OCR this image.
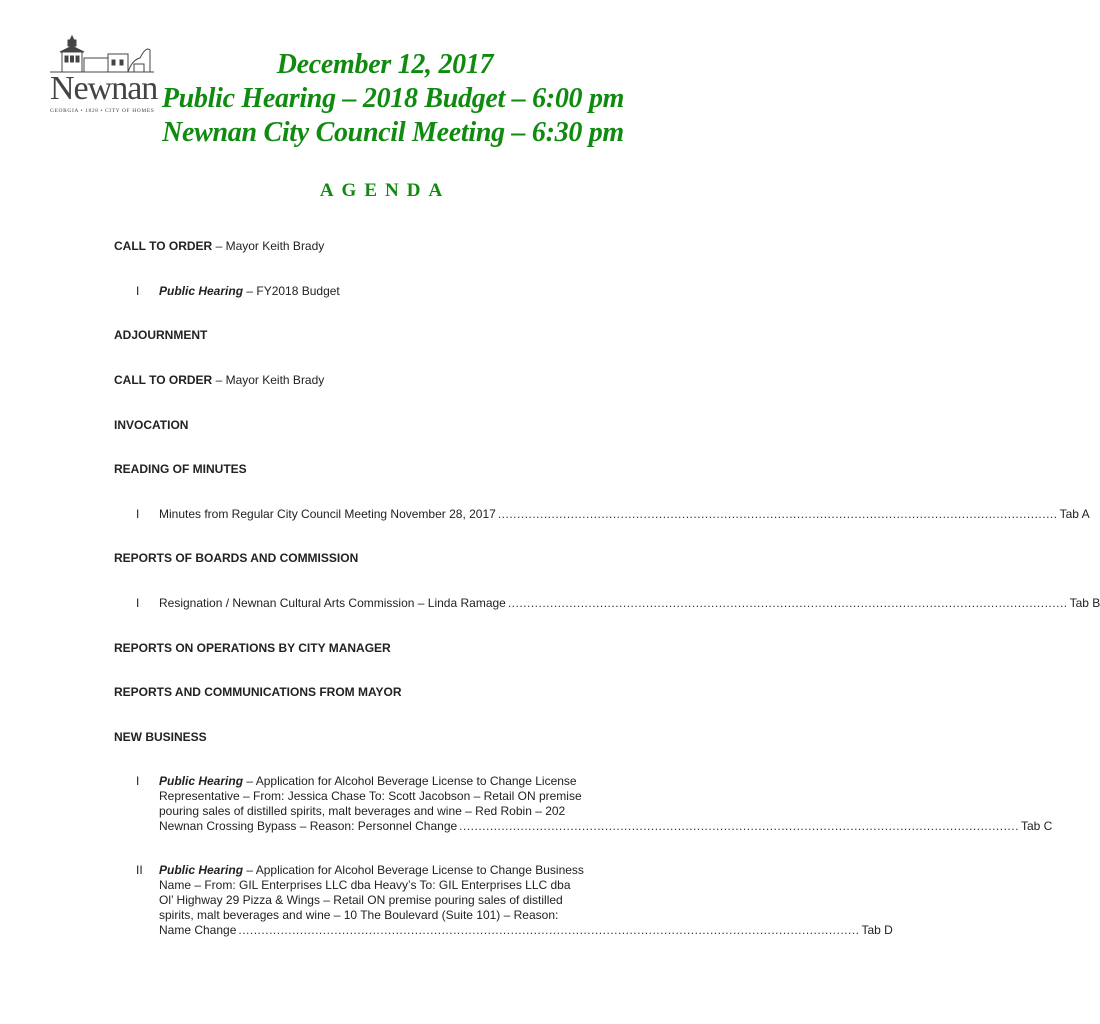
Newnan
GEORGIA • 1828 • CITY OF HOMES
December 12, 2017
Public Hearing – 2018 Budget – 6:00 pm
Newnan City Council Meeting – 6:30 pm
AGENDA
CALL TO ORDER – Mayor Keith Brady
I Public Hearing – FY2018 Budget
ADJOURNMENT
CALL TO ORDER – Mayor Keith Brady
INVOCATION
READING OF MINUTES
I Minutes from Regular City Council Meeting November 28, 2017 .................................................................................................................................................. Tab A
REPORTS OF BOARDS AND COMMISSION
I Resignation / Newnan Cultural Arts Commission – Linda Ramage .................................................................................................................................................. Tab B
REPORTS ON OPERATIONS BY CITY MANAGER
REPORTS AND COMMUNICATIONS FROM MAYOR
NEW BUSINESS
I Public Hearing – Application for Alcohol Beverage License to Change License
Representative – From: Jessica Chase To: Scott Jacobson – Retail ON premise
pouring sales of distilled spirits, malt beverages and wine – Red Robin – 202
Newnan Crossing Bypass – Reason: Personnel Change .................................................................................................................................................. Tab C
II Public Hearing – Application for Alcohol Beverage License to Change Business
Name – From: GIL Enterprises LLC dba Heavy’s To: GIL Enterprises LLC dba
Ol’ Highway 29 Pizza & Wings – Retail ON premise pouring sales of distilled
spirits, malt beverages and wine – 10 The Boulevard (Suite 101) – Reason:
Name Change .................................................................................................................................................................. Tab D
